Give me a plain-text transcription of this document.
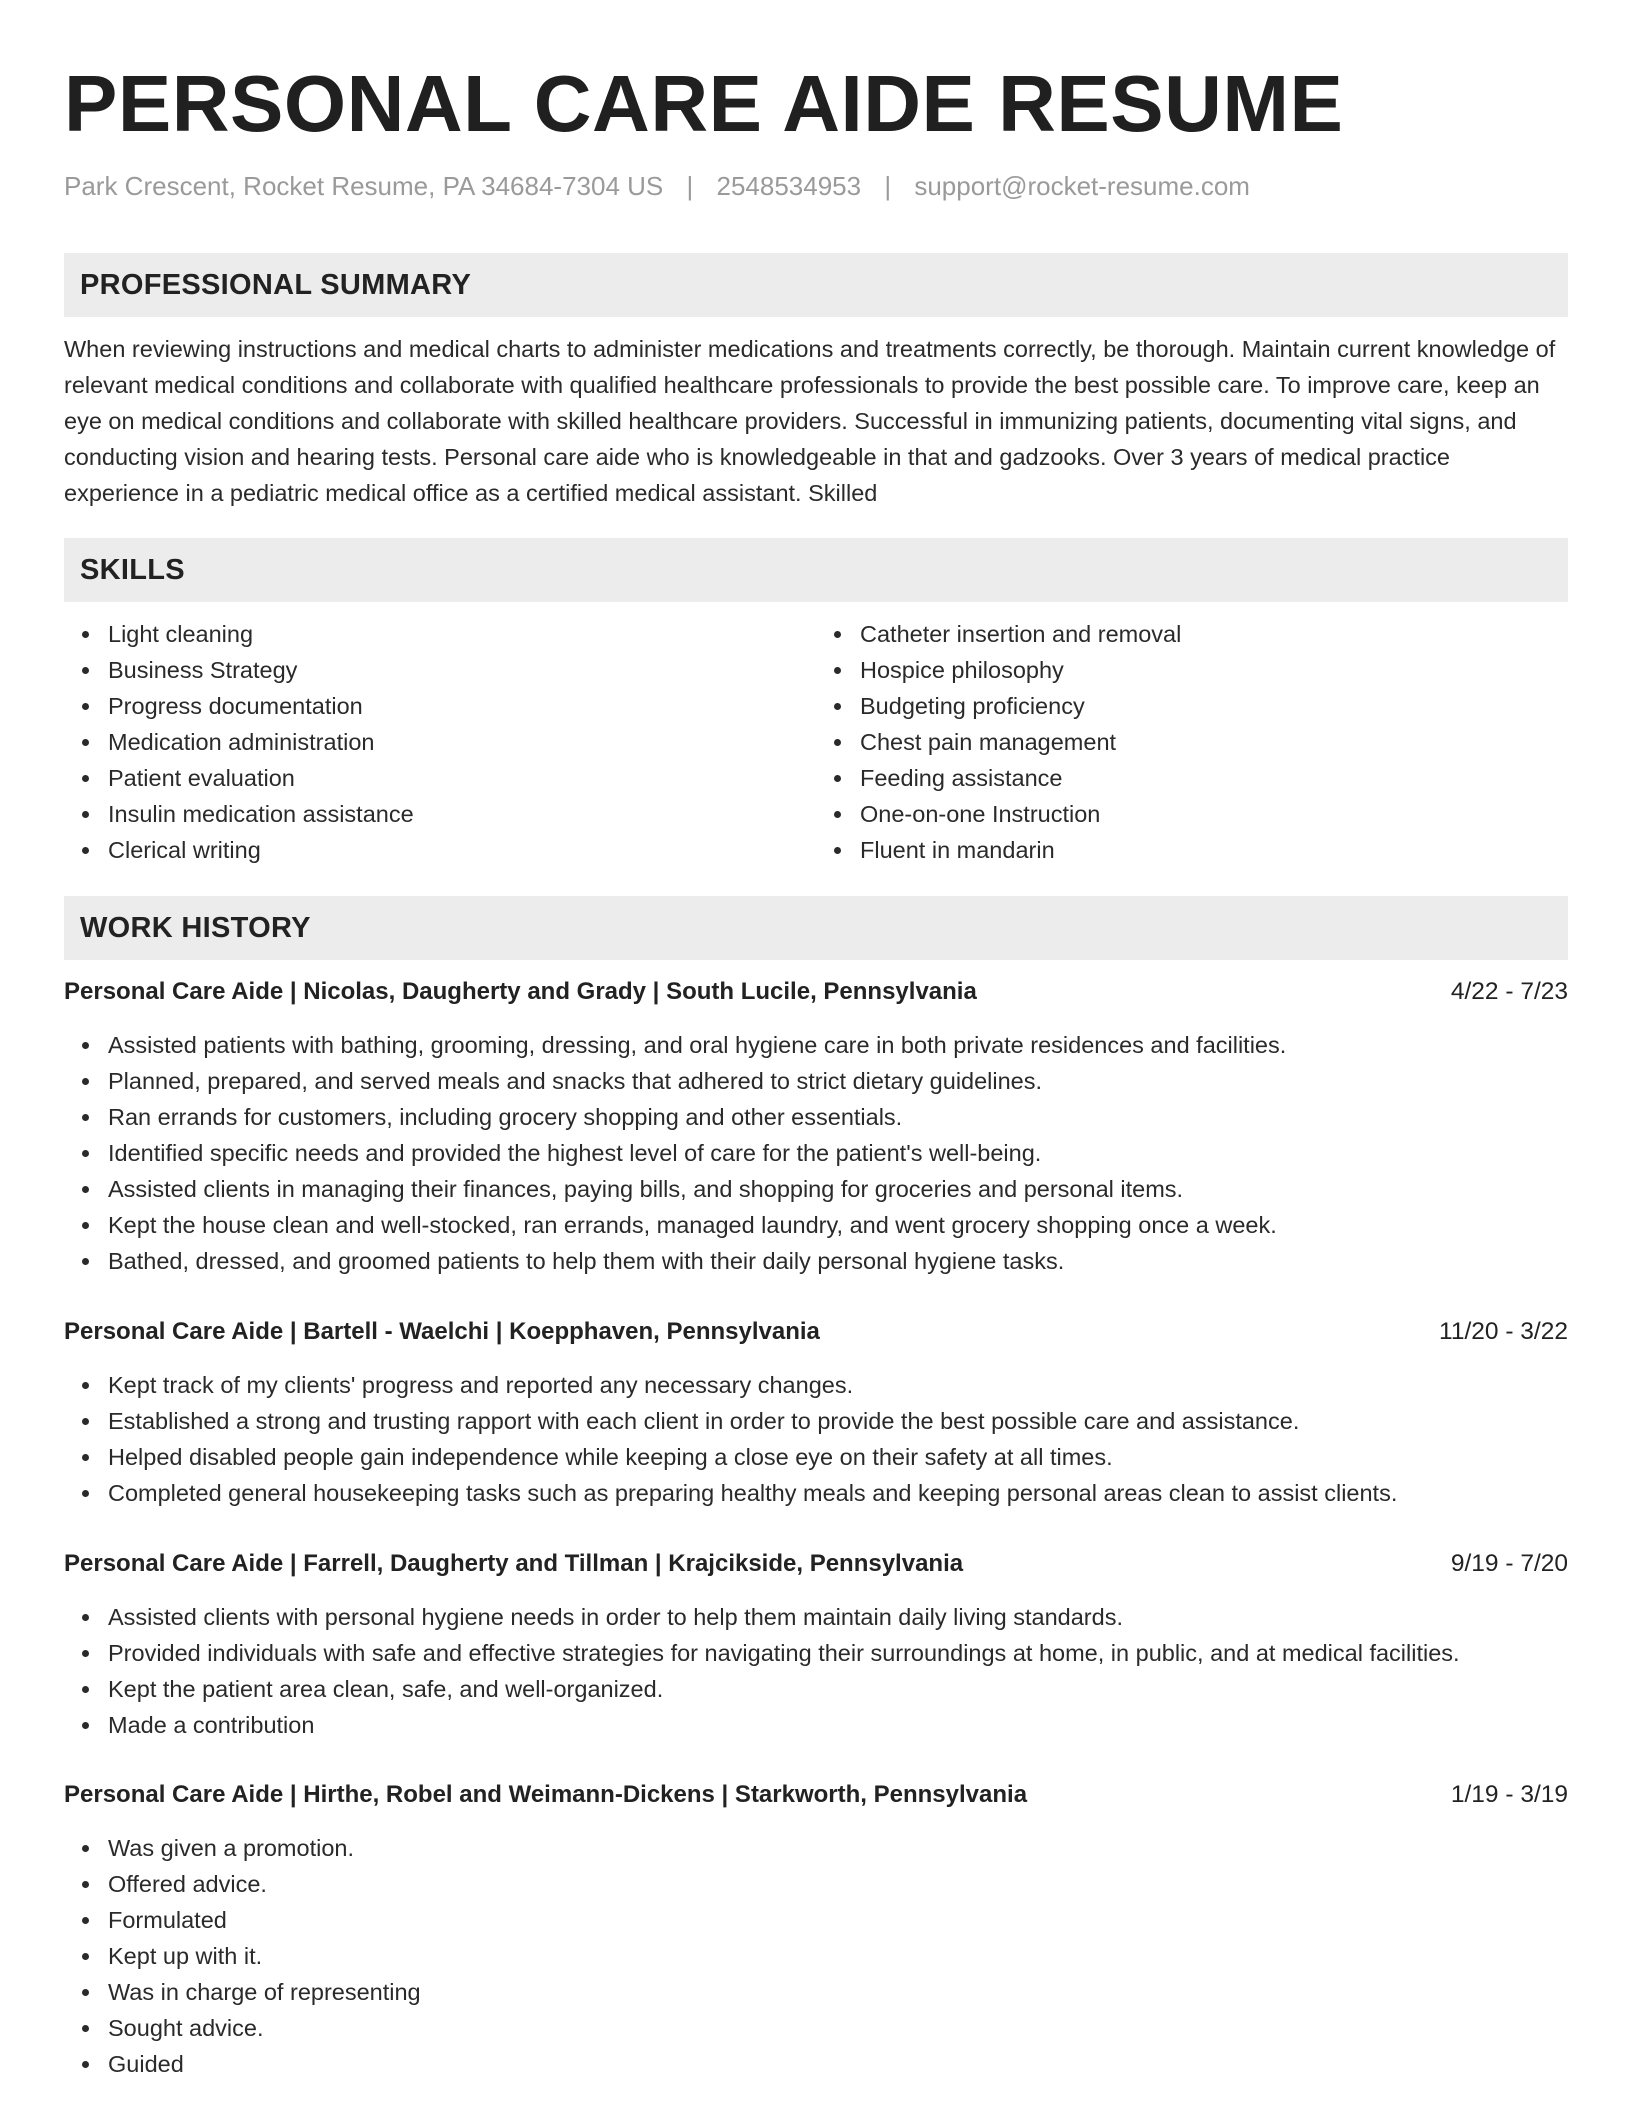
PERSONAL CARE AIDE RESUME
Park Crescent, Rocket Resume, PA 34684-7304 US | 2548534953 | support@rocket-resume.com
PROFESSIONAL SUMMARY

When reviewing instructions and medical charts to administer medications and treatments correctly, be thorough. Maintain current knowledge of relevant medical conditions and collaborate with qualified healthcare professionals to provide the best possible care. To improve care, keep an eye on medical conditions and collaborate with skilled healthcare providers. Successful in immunizing patients, documenting vital signs, and conducting vision and hearing tests. Personal care aide who is knowledgeable in that and gadzooks. Over 3 years of medical practice experience in a pediatric medical office as a certified medical assistant. Skilled

SKILLS
Light cleaning
Business Strategy
Progress documentation
Medication administration
Patient evaluation
Insulin medication assistance
Clerical writing
Catheter insertion and removal
Hospice philosophy
Budgeting proficiency
Chest pain management
Feeding assistance
One-on-one Instruction
Fluent in mandarin
WORK HISTORY
Personal Care Aide | Nicolas, Daugherty and Grady | South Lucile, Pennsylvania	4/22 - 7/23
Assisted patients with bathing, grooming, dressing, and oral hygiene care in both private residences and facilities.
Planned, prepared, and served meals and snacks that adhered to strict dietary guidelines.
Ran errands for customers, including grocery shopping and other essentials.
Identified specific needs and provided the highest level of care for the patient's well-being.
Assisted clients in managing their finances, paying bills, and shopping for groceries and personal items.
Kept the house clean and well-stocked, ran errands, managed laundry, and went grocery shopping once a week.
Bathed, dressed, and groomed patients to help them with their daily personal hygiene tasks.
Personal Care Aide | Bartell - Waelchi | Koepphaven, Pennsylvania	11/20 - 3/22
Kept track of my clients' progress and reported any necessary changes.
Established a strong and trusting rapport with each client in order to provide the best possible care and assistance.
Helped disabled people gain independence while keeping a close eye on their safety at all times.
Completed general housekeeping tasks such as preparing healthy meals and keeping personal areas clean to assist clients.
Personal Care Aide | Farrell, Daugherty and Tillman | Krajcikside, Pennsylvania	9/19 - 7/20
Assisted clients with personal hygiene needs in order to help them maintain daily living standards.
Provided individuals with safe and effective strategies for navigating their surroundings at home, in public, and at medical facilities.
Kept the patient area clean, safe, and well-organized.
Made a contribution
Personal Care Aide | Hirthe, Robel and Weimann-Dickens | Starkworth, Pennsylvania	1/19 - 3/19
Was given a promotion.
Offered advice.
Formulated
Kept up with it.
Was in charge of representing
Sought advice.
Guided
